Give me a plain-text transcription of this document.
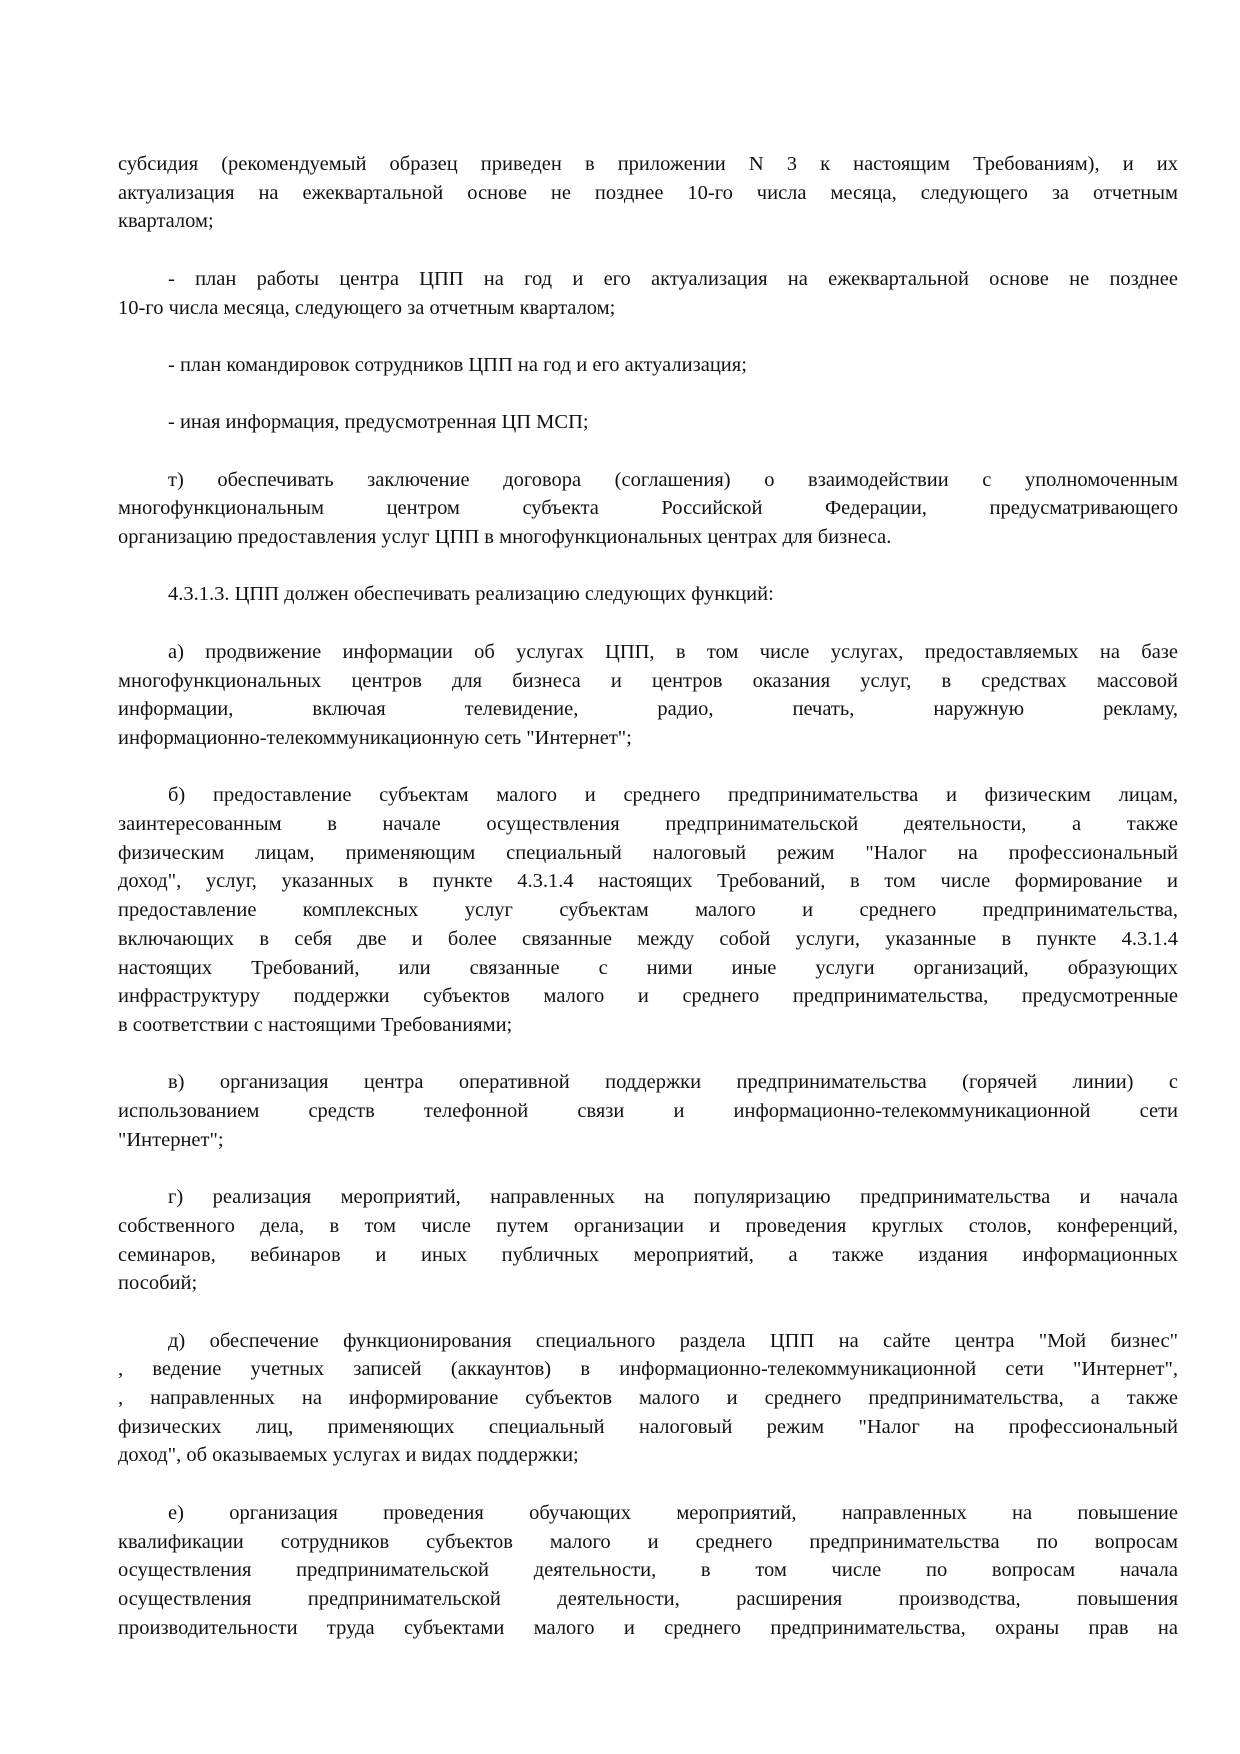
субсидия (рекомендуемый образец приведен в приложении N 3 к настоящим Требованиям), и их
актуализация на ежеквартальной основе не позднее 10-го числа месяца, следующего за отчетным
кварталом;
- план работы центра ЦПП на год и его актуализация на ежеквартальной основе не позднее
10-го числа месяца, следующего за отчетным кварталом;
- план командировок сотрудников ЦПП на год и его актуализация;
- иная информация, предусмотренная ЦП МСП;
т) обеспечивать заключение договора (соглашения) о взаимодействии с уполномоченным
многофункциональным центром субъекта Российской Федерации, предусматривающего
организацию предоставления услуг ЦПП в многофункциональных центрах для бизнеса.
4.3.1.3. ЦПП должен обеспечивать реализацию следующих функций:
а) продвижение информации об услугах ЦПП, в том числе услугах, предоставляемых на базе
многофункциональных центров для бизнеса и центров оказания услуг, в средствах массовой
информации, включая телевидение, радио, печать, наружную рекламу,
информационно-телекоммуникационную сеть "Интернет";
б) предоставление субъектам малого и среднего предпринимательства и физическим лицам,
заинтересованным в начале осуществления предпринимательской деятельности, а также
физическим лицам, применяющим специальный налоговый режим "Налог на профессиональный
доход", услуг, указанных в пункте 4.3.1.4 настоящих Требований, в том числе формирование и
предоставление комплексных услуг субъектам малого и среднего предпринимательства,
включающих в себя две и более связанные между собой услуги, указанные в пункте 4.3.1.4
настоящих Требований, или связанные с ними иные услуги организаций, образующих
инфраструктуру поддержки субъектов малого и среднего предпринимательства, предусмотренные
в соответствии с настоящими Требованиями;
в) организация центра оперативной поддержки предпринимательства (горячей линии) с
использованием средств телефонной связи и информационно-телекоммуникационной сети
"Интернет";
г) реализация мероприятий, направленных на популяризацию предпринимательства и начала
собственного дела, в том числе путем организации и проведения круглых столов, конференций,
семинаров, вебинаров и иных публичных мероприятий, а также издания информационных
пособий;
д) обеспечение функционирования специального раздела ЦПП на сайте центра "Мой бизнес"
, ведение учетных записей (аккаунтов) в информационно-телекоммуникационной сети "Интернет",
, направленных на информирование субъектов малого и среднего предпринимательства, а также
физических лиц, применяющих специальный налоговый режим "Налог на профессиональный
доход", об оказываемых услугах и видах поддержки;
е) организация проведения обучающих мероприятий, направленных на повышение
квалификации сотрудников субъектов малого и среднего предпринимательства по вопросам
осуществления предпринимательской деятельности, в том числе по вопросам начала
осуществления предпринимательской деятельности, расширения производства, повышения
производительности труда субъектами малого и среднего предпринимательства, охраны прав на
